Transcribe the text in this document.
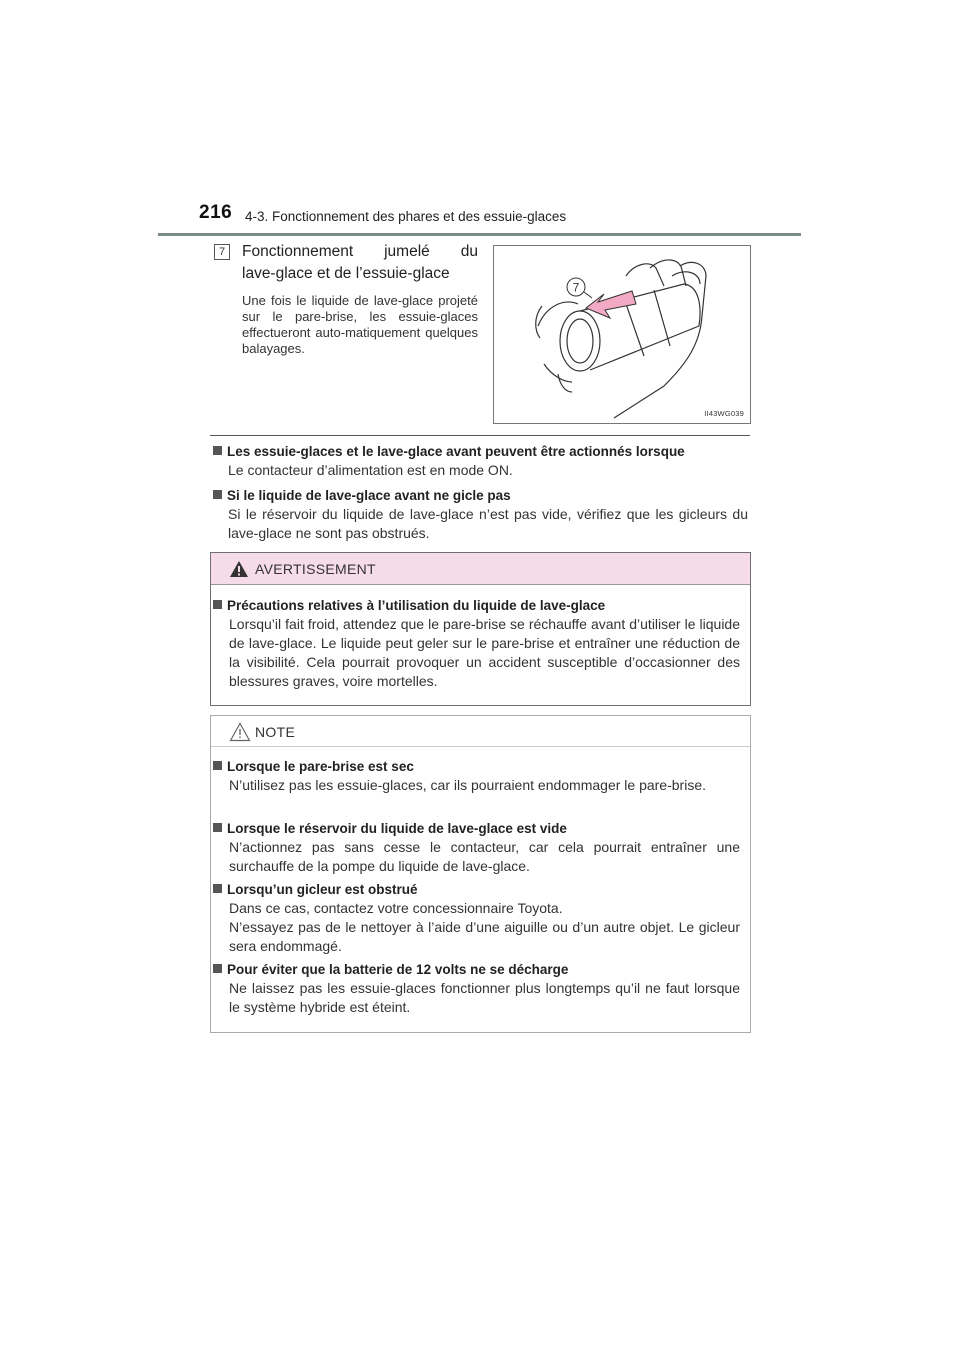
216 4-3. Fonctionnement des phares et des essuie-glaces
7	Fonctionnement jumelé du
lave-glace et de l’essuie-glace
Une fois le liquide de lave-glace projeté sur le pare-brise, les essuie-glaces effectueront auto-matiquement quelques balayages.
7
II43WG039
Les essuie-glaces et le lave-glace avant peuvent être actionnés lorsque
Le contacteur d’alimentation est en mode ON.
Si le liquide de lave-glace avant ne gicle pas
Si le réservoir du liquide de lave-glace n’est pas vide, vérifiez que les gicleurs du lave-glace ne sont pas obstrués.
AVERTISSEMENT
Précautions relatives à l’utilisation du liquide de lave-glace
Lorsqu’il fait froid, attendez que le pare-brise se réchauffe avant d’utiliser le liquide de lave-glace. Le liquide peut geler sur le pare-brise et entraîner une réduction de la visibilité. Cela pourrait provoquer un accident susceptible d’occasionner des blessures graves, voire mortelles.
NOTE
Lorsque le pare-brise est sec
N’utilisez pas les essuie-glaces, car ils pourraient endommager le pare-brise.
Lorsque le réservoir du liquide de lave-glace est vide
N’actionnez pas sans cesse le contacteur, car cela pourrait entraîner une surchauffe de la pompe du liquide de lave-glace.
Lorsqu’un gicleur est obstrué
Dans ce cas, contactez votre concessionnaire Toyota.
N’essayez pas de le nettoyer à l’aide d’une aiguille ou d’un autre objet. Le gicleur sera endommagé.
Pour éviter que la batterie de 12 volts ne se décharge
Ne laissez pas les essuie-glaces fonctionner plus longtemps qu’il ne faut lorsque le système hybride est éteint.
